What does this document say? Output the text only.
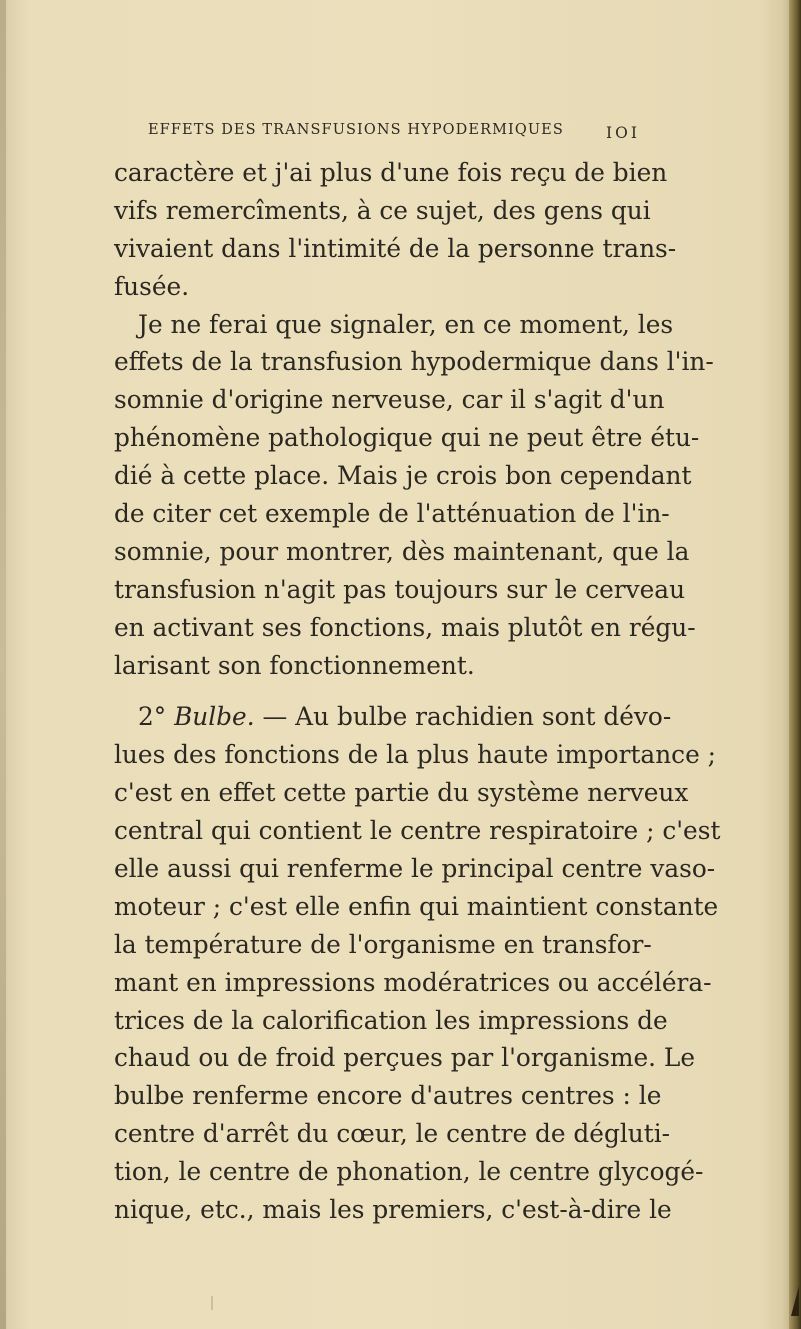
EFFETS DES TRANSFUSIONS HYPODERMIQUES	IOI
caractère et j'ai plus d'une fois reçu de bien
vifs remercîments, à ce sujet, des gens qui
vivaient dans l'intimité de la personne trans-
fusée.
Je ne ferai que signaler, en ce moment, les
effets de la transfusion hypodermique dans l'in-
somnie d'origine nerveuse, car il s'agit d'un
phénomène pathologique qui ne peut être étu-
dié à cette place. Mais je crois bon cependant
de citer cet exemple de l'atténuation de l'in-
somnie, pour montrer, dès maintenant, que la
transfusion n'agit pas toujours sur le cerveau
en activant ses fonctions, mais plutôt en régu-
larisant son fonctionnement.
2° Bulbe. — Au bulbe rachidien sont dévo-
lues des fonctions de la plus haute importance ;
c'est en effet cette partie du système nerveux
central qui contient le centre respiratoire ; c'est
elle aussi qui renferme le principal centre vaso-
moteur ; c'est elle enfin qui maintient constante
la température de l'organisme en transfor-
mant en impressions modératrices ou accéléra-
trices de la calorification les impressions de
chaud ou de froid perçues par l'organisme. Le
bulbe renferme encore d'autres centres : le
centre d'arrêt du cœur, le centre de dégluti-
tion, le centre de phonation, le centre glycogé-
nique, etc., mais les premiers, c'est-à-dire le
